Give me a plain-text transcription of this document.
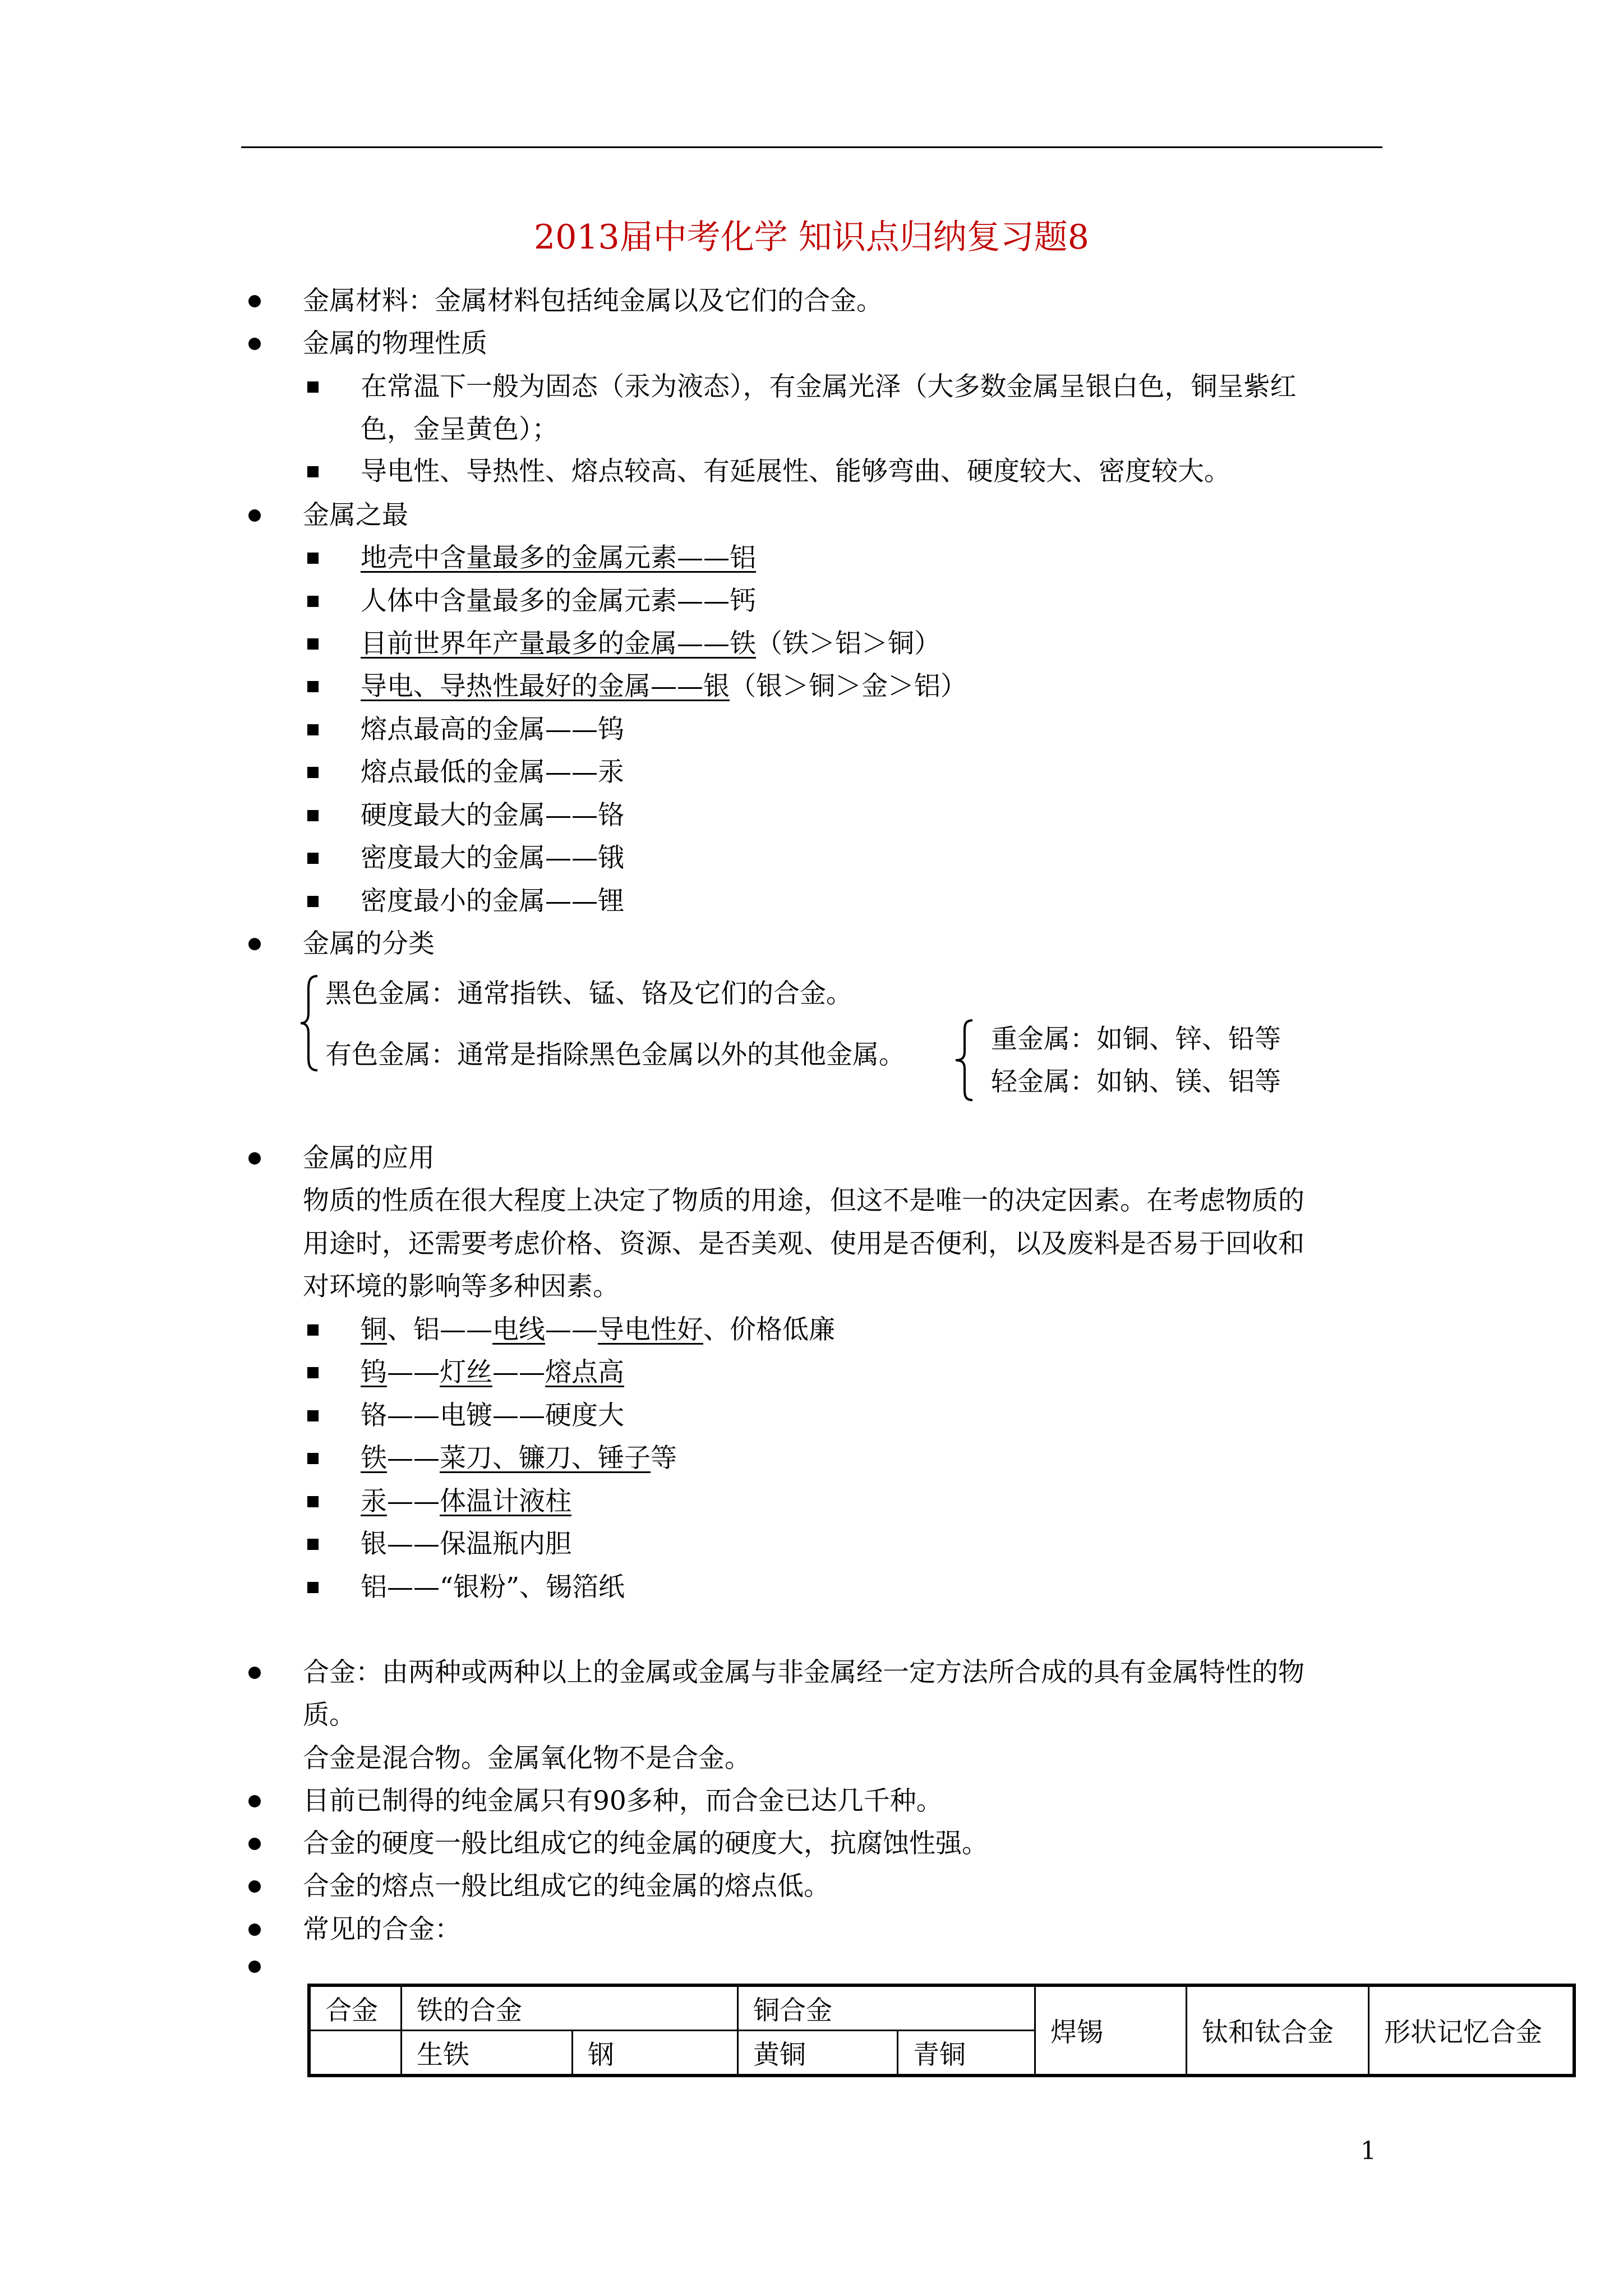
2013届中考化学 知识点归纳复习题8
金属材料：金属材料包括纯金属以及它们的合金。
金属的物理性质
在常温下一般为固态（汞为液态），有金属光泽（大多数金属呈银白色，铜呈紫红
色，金呈黄色）；
导电性、导热性、熔点较高、有延展性、能够弯曲、硬度较大、密度较大。
金属之最
地壳中含量最多的金属元素——铝
人体中含量最多的金属元素——钙
目前世界年产量最多的金属——铁（铁＞铝＞铜）
导电、导热性最好的金属——银（银＞铜＞金＞铝）
熔点最高的金属——钨
熔点最低的金属——汞
硬度最大的金属——铬
密度最大的金属——锇
密度最小的金属——锂
金属的分类
黑色金属：通常指铁、锰、铬及它们的合金。
有色金属：通常是指除黑色金属以外的其他金属。
重金属：如铜、锌、铅等
轻金属：如钠、镁、铝等
金属的应用
物质的性质在很大程度上决定了物质的用途，但这不是唯一的决定因素。在考虑物质的
用途时，还需要考虑价格、资源、是否美观、使用是否便利，以及废料是否易于回收和
对环境的影响等多种因素。
铜、铝——电线——导电性好、价格低廉
钨——灯丝——熔点高
铬——电镀——硬度大
铁——菜刀、镰刀、锤子等
汞——体温计液柱
银——保温瓶内胆
铝——“银粉”、锡箔纸
合金：由两种或两种以上的金属或金属与非金属经一定方法所合成的具有金属特性的物
质。
合金是混合物。金属氧化物不是合金。
目前已制得的纯金属只有90多种，而合金已达几千种。
合金的硬度一般比组成它的纯金属的硬度大，抗腐蚀性强。
合金的熔点一般比组成它的纯金属的熔点低。
常见的合金：
合金	铁的合金		铜合金		焊锡	钛和钛合金	形状记忆合金
	生铁	钢	黄铜	青铜			
1
